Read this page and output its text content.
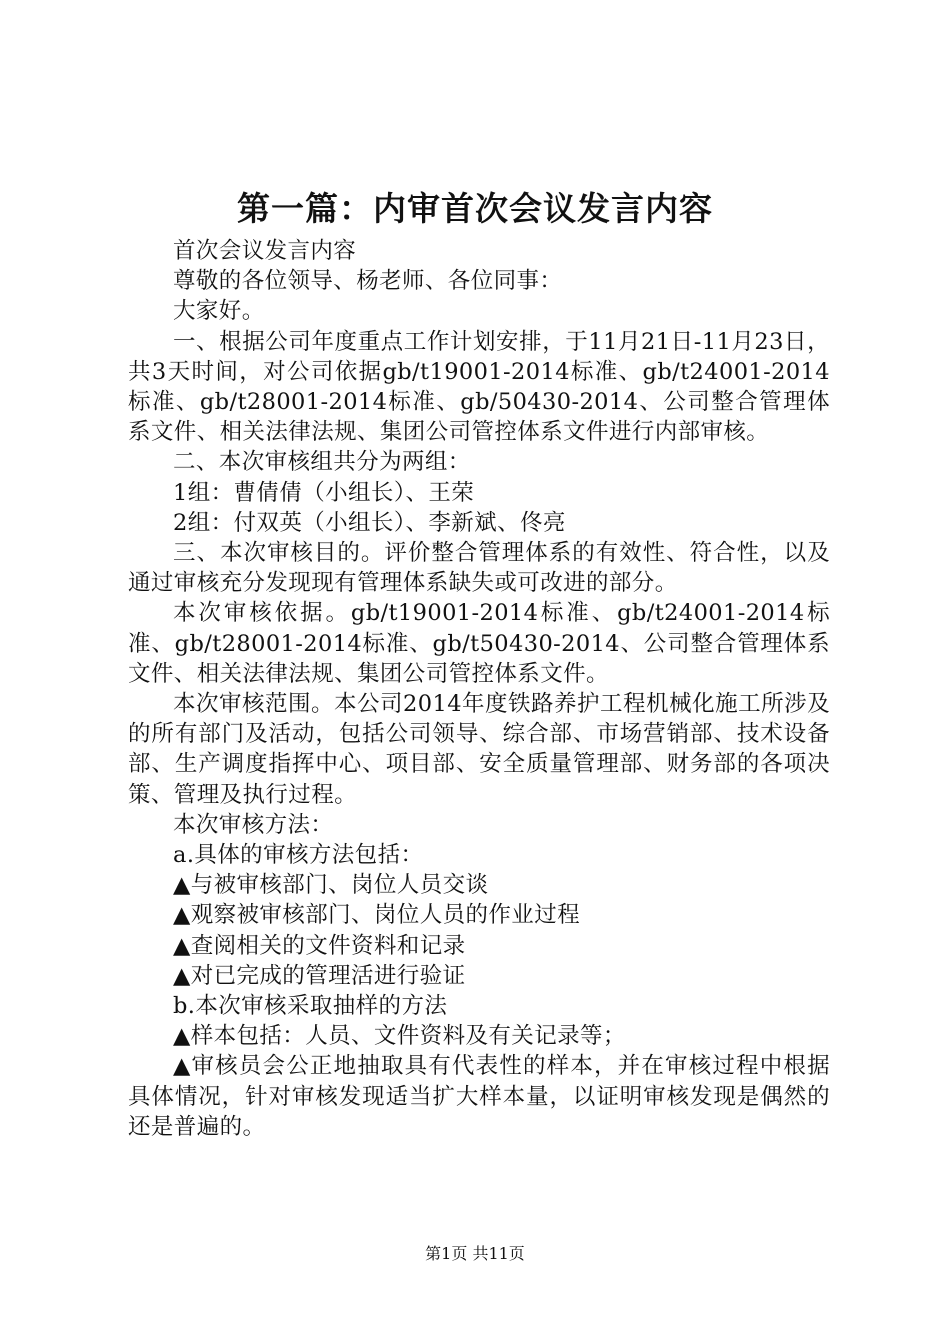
第一篇：内审首次会议发言内容

首次会议发言内容

尊敬的各位领导、杨老师、各位同事：

大家好。

一、根据公司年度重点工作计划安排，于11月21日-11月23日，共3天时间，对公司依据gb/t19001-2014标准、gb/t24001-2014标准、gb/t28001-2014标准、gb/50430-2014、公司整合管理体系文件、相关法律法规、集团公司管控体系文件进行内部审核。

二、本次审核组共分为两组：

1组：曹倩倩（小组长）、王荣

2组：付双英（小组长）、李新斌、佟亮

三、本次审核目的。评价整合管理体系的有效性、符合性，以及通过审核充分发现现有管理体系缺失或可改进的部分。

本次审核依据。gb/t19001-2014标准、gb/t24001-2014标准、gb/t28001-2014标准、gb/t50430-2014、公司整合管理体系文件、相关法律法规、集团公司管控体系文件。

本次审核范围。本公司2014年度铁路养护工程机械化施工所涉及的所有部门及活动，包括公司领导、综合部、市场营销部、技术设备部、生产调度指挥中心、项目部、安全质量管理部、财务部的各项决策、管理及执行过程。

本次审核方法：

a.具体的审核方法包括：

▲与被审核部门、岗位人员交谈

▲观察被审核部门、岗位人员的作业过程

▲查阅相关的文件资料和记录

▲对已完成的管理活进行验证

b.本次审核采取抽样的方法

▲样本包括：人员、文件资料及有关记录等；

▲审核员会公正地抽取具有代表性的样本，并在审核过程中根据具体情况，针对审核发现适当扩大样本量，以证明审核发现是偶然的还是普遍的。

第1页 共11页
